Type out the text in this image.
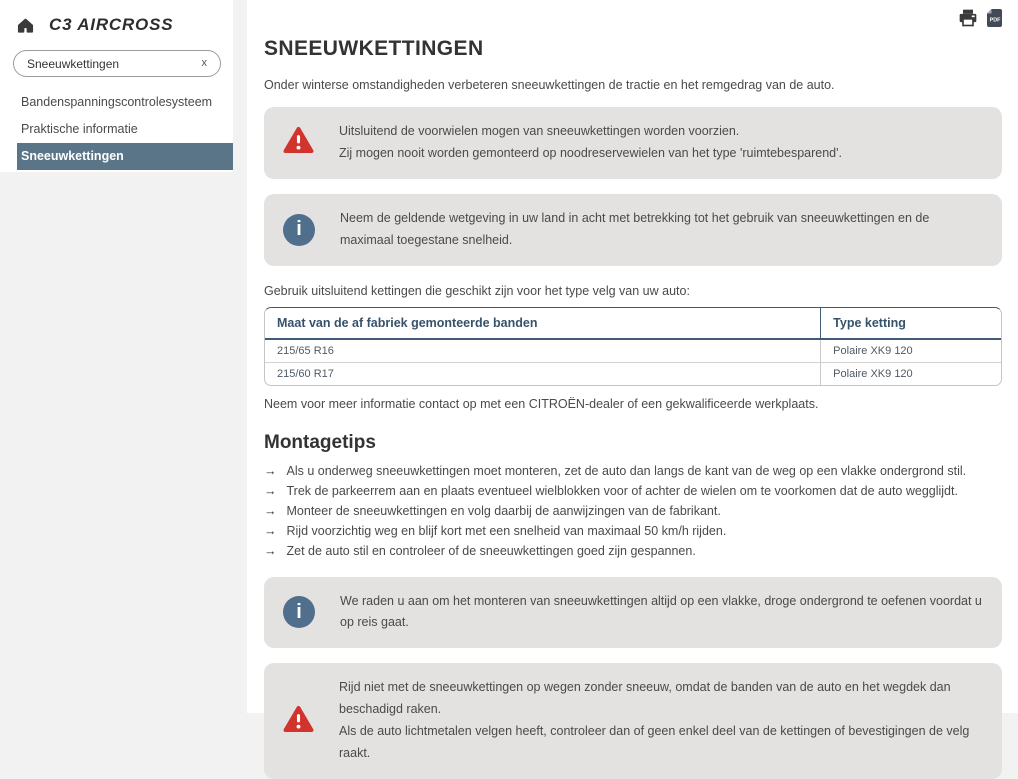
C3 AIRCROSS
Sneeuwkettingen	x
Bandenspanningscontrolesysteem
Praktische informatie
Sneeuwkettingen
PDF
SNEEUWKETTINGEN

Onder winterse omstandigheden verbeteren sneeuwkettingen de tractie en het remgedrag van de auto.

Uitsluitend de voorwielen mogen van sneeuwkettingen worden voorzien.
Zij mogen nooit worden gemonteerd op noodreservewielen van het type 'ruimtebesparend'.
i
Neem de geldende wetgeving in uw land in acht met betrekking tot het gebruik van sneeuwkettingen en de maximaal toegestane snelheid.

Gebruik uitsluitend kettingen die geschikt zijn voor het type velg van uw auto:

Maat van de af fabriek gemonteerde banden	Type ketting
215/65 R16	Polaire XK9 120
215/60 R17	Polaire XK9 120

Neem voor meer informatie contact op met een CITROËN-dealer of een gekwalificeerde werkplaats.

Montagetips
→ Als u onderweg sneeuwkettingen moet monteren, zet de auto dan langs de kant van de weg op een vlakke ondergrond stil.
→ Trek de parkeerrem aan en plaats eventueel wielblokken voor of achter de wielen om te voorkomen dat de auto wegglijdt.
→ Monteer de sneeuwkettingen en volg daarbij de aanwijzingen van de fabrikant.
→ Rijd voorzichtig weg en blijf kort met een snelheid van maximaal 50 km/h rijden.
→ Zet de auto stil en controleer of de sneeuwkettingen goed zijn gespannen.
i
We raden u aan om het monteren van sneeuwkettingen altijd op een vlakke, droge ondergrond te oefenen voordat u op reis gaat.
Rijd niet met de sneeuwkettingen op wegen zonder sneeuw, omdat de banden van de auto en het wegdek dan beschadigd raken.
Als de auto lichtmetalen velgen heeft, controleer dan of geen enkel deel van de kettingen of bevestigingen de velg raakt.
